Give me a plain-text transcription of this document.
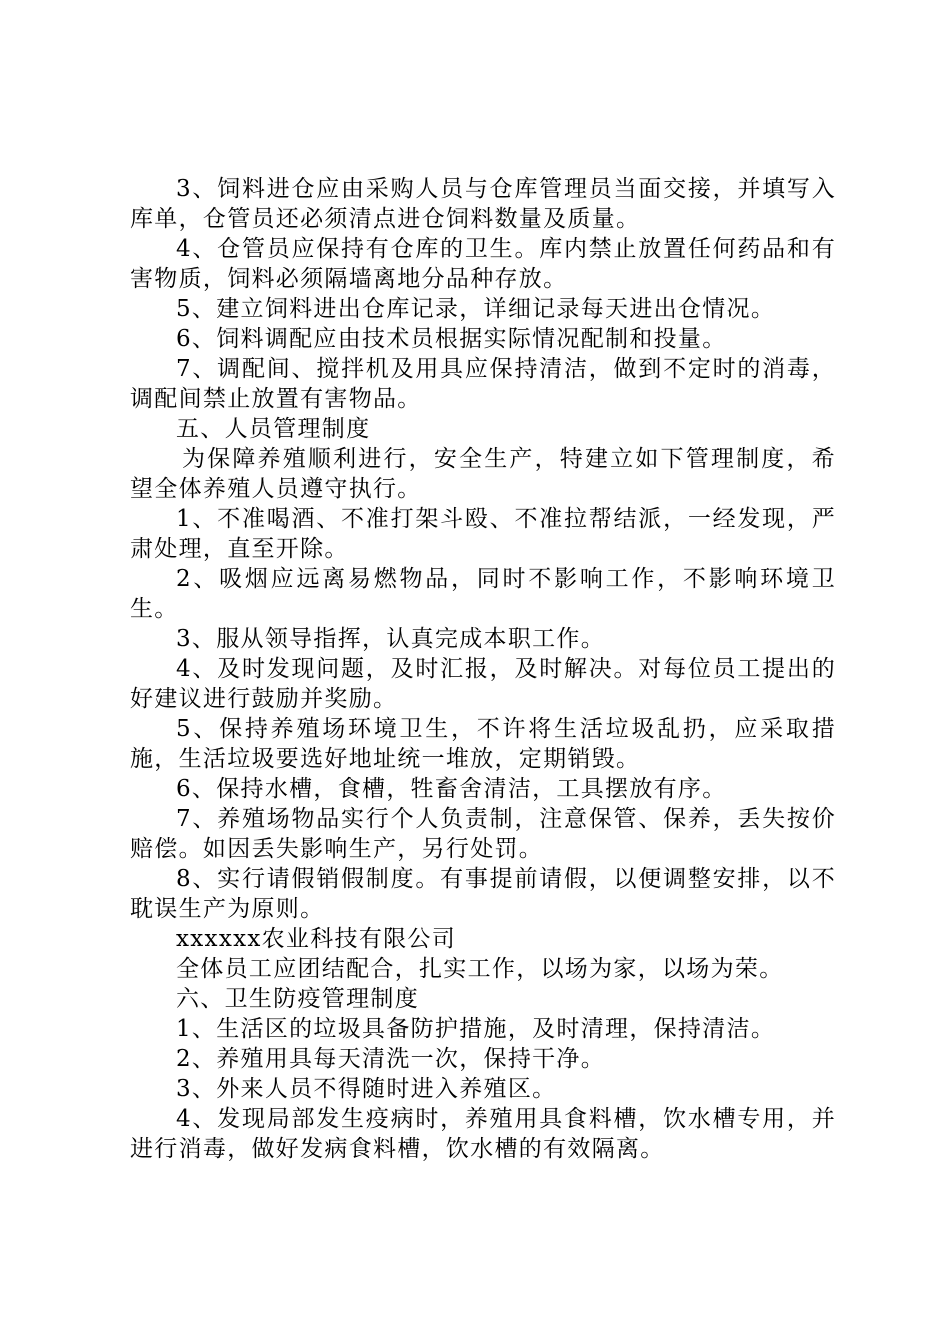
3、饲料进仓应由采购人员与仓库管理员当面交接，并填写入库单，仓管员还必须清点进仓饲料数量及质量。

4、仓管员应保持有仓库的卫生。库内禁止放置任何药品和有害物质，饲料必须隔墙离地分品种存放。

5、建立饲料进出仓库记录，详细记录每天进出仓情况。

6、饲料调配应由技术员根据实际情况配制和投量。

7、调配间、搅拌机及用具应保持清洁，做到不定时的消毒，调配间禁止放置有害物品。

五、人员管理制度

为保障养殖顺利进行，安全生产，特建立如下管理制度，希望全体养殖人员遵守执行。

1、不准喝酒、不准打架斗殴、不准拉帮结派，一经发现，严肃处理，直至开除。

2、吸烟应远离易燃物品，同时不影响工作，不影响环境卫生。

3、服从领导指挥，认真完成本职工作。

4、及时发现问题，及时汇报，及时解决。对每位员工提出的好建议进行鼓励并奖励。

5、保持养殖场环境卫生，不许将生活垃圾乱扔，应采取措施，生活垃圾要选好地址统一堆放，定期销毁。

6、保持水槽，食槽，牲畜舍清洁，工具摆放有序。

7、养殖场物品实行个人负责制，注意保管、保养，丢失按价赔偿。如因丢失影响生产，另行处罚。

8、实行请假销假制度。有事提前请假，以便调整安排，以不耽误生产为原则。

xxxxxx农业科技有限公司

全体员工应团结配合，扎实工作，以场为家，以场为荣。

六、卫生防疫管理制度

1、生活区的垃圾具备防护措施，及时清理，保持清洁。

2、养殖用具每天清洗一次，保持干净。

3、外来人员不得随时进入养殖区。

4、发现局部发生疫病时，养殖用具食料槽，饮水槽专用，并进行消毒，做好发病食料槽，饮水槽的有效隔离。
